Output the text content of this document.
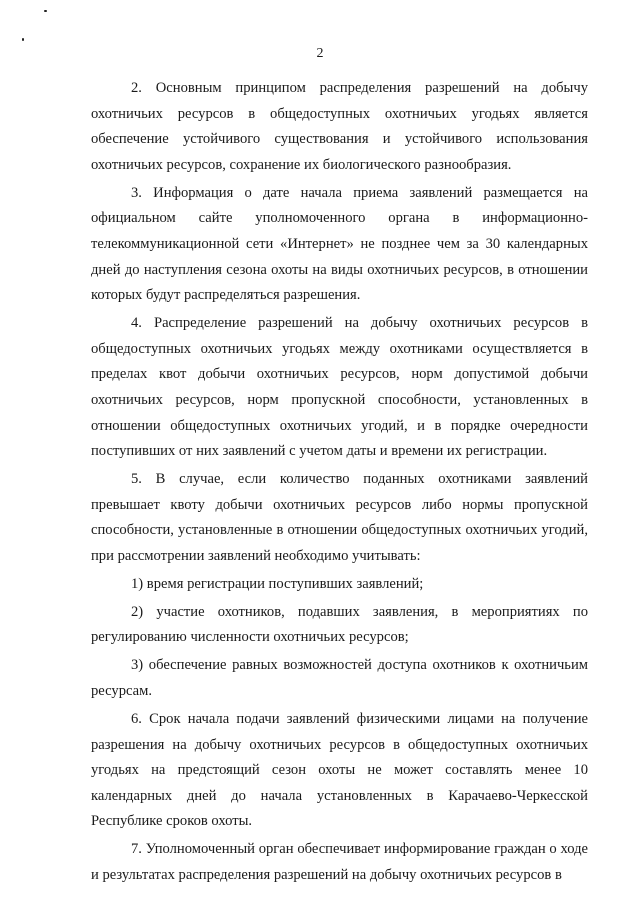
2

2. Основным принципом распределения разрешений на добычу охотничьих ресурсов в общедоступных охотничьих угодьях является обеспечение устойчивого существования и устойчивого использования охотничьих ресурсов, сохранение их биологического разнообразия.

3. Информация о дате начала приема заявлений размещается на официальном сайте уполномоченного органа в информационно-телекоммуникационной сети «Интернет» не позднее чем за 30 календарных дней до наступления сезона охоты на виды охотничьих ресурсов, в отношении которых будут распределяться разрешения.

4. Распределение разрешений на добычу охотничьих ресурсов в общедоступных охотничьих угодьях между охотниками осуществляется в пределах квот добычи охотничьих ресурсов, норм допустимой добычи охотничьих ресурсов, норм пропускной способности, установленных в отношении общедоступных охотничьих угодий, и в порядке очередности поступивших от них заявлений с учетом даты и времени их регистрации.

5. В случае, если количество поданных охотниками заявлений превышает квоту добычи охотничьих ресурсов либо нормы пропускной способности, установленные в отношении общедоступных охотничьих угодий, при рассмотрении заявлений необходимо учитывать:

1) время регистрации поступивших заявлений;

2) участие охотников, подавших заявления, в мероприятиях по регулированию численности охотничьих ресурсов;

3) обеспечение равных возможностей доступа охотников к охотничьим ресурсам.

6. Срок начала подачи заявлений физическими лицами на получение разрешения на добычу охотничьих ресурсов в общедоступных охотничьих угодьях на предстоящий сезон охоты не может составлять менее 10 календарных дней до начала установленных в Карачаево-Черкесской Республике сроков охоты.

7. Уполномоченный орган обеспечивает информирование граждан о ходе и результатах распределения разрешений на добычу охотничьих ресурсов в
